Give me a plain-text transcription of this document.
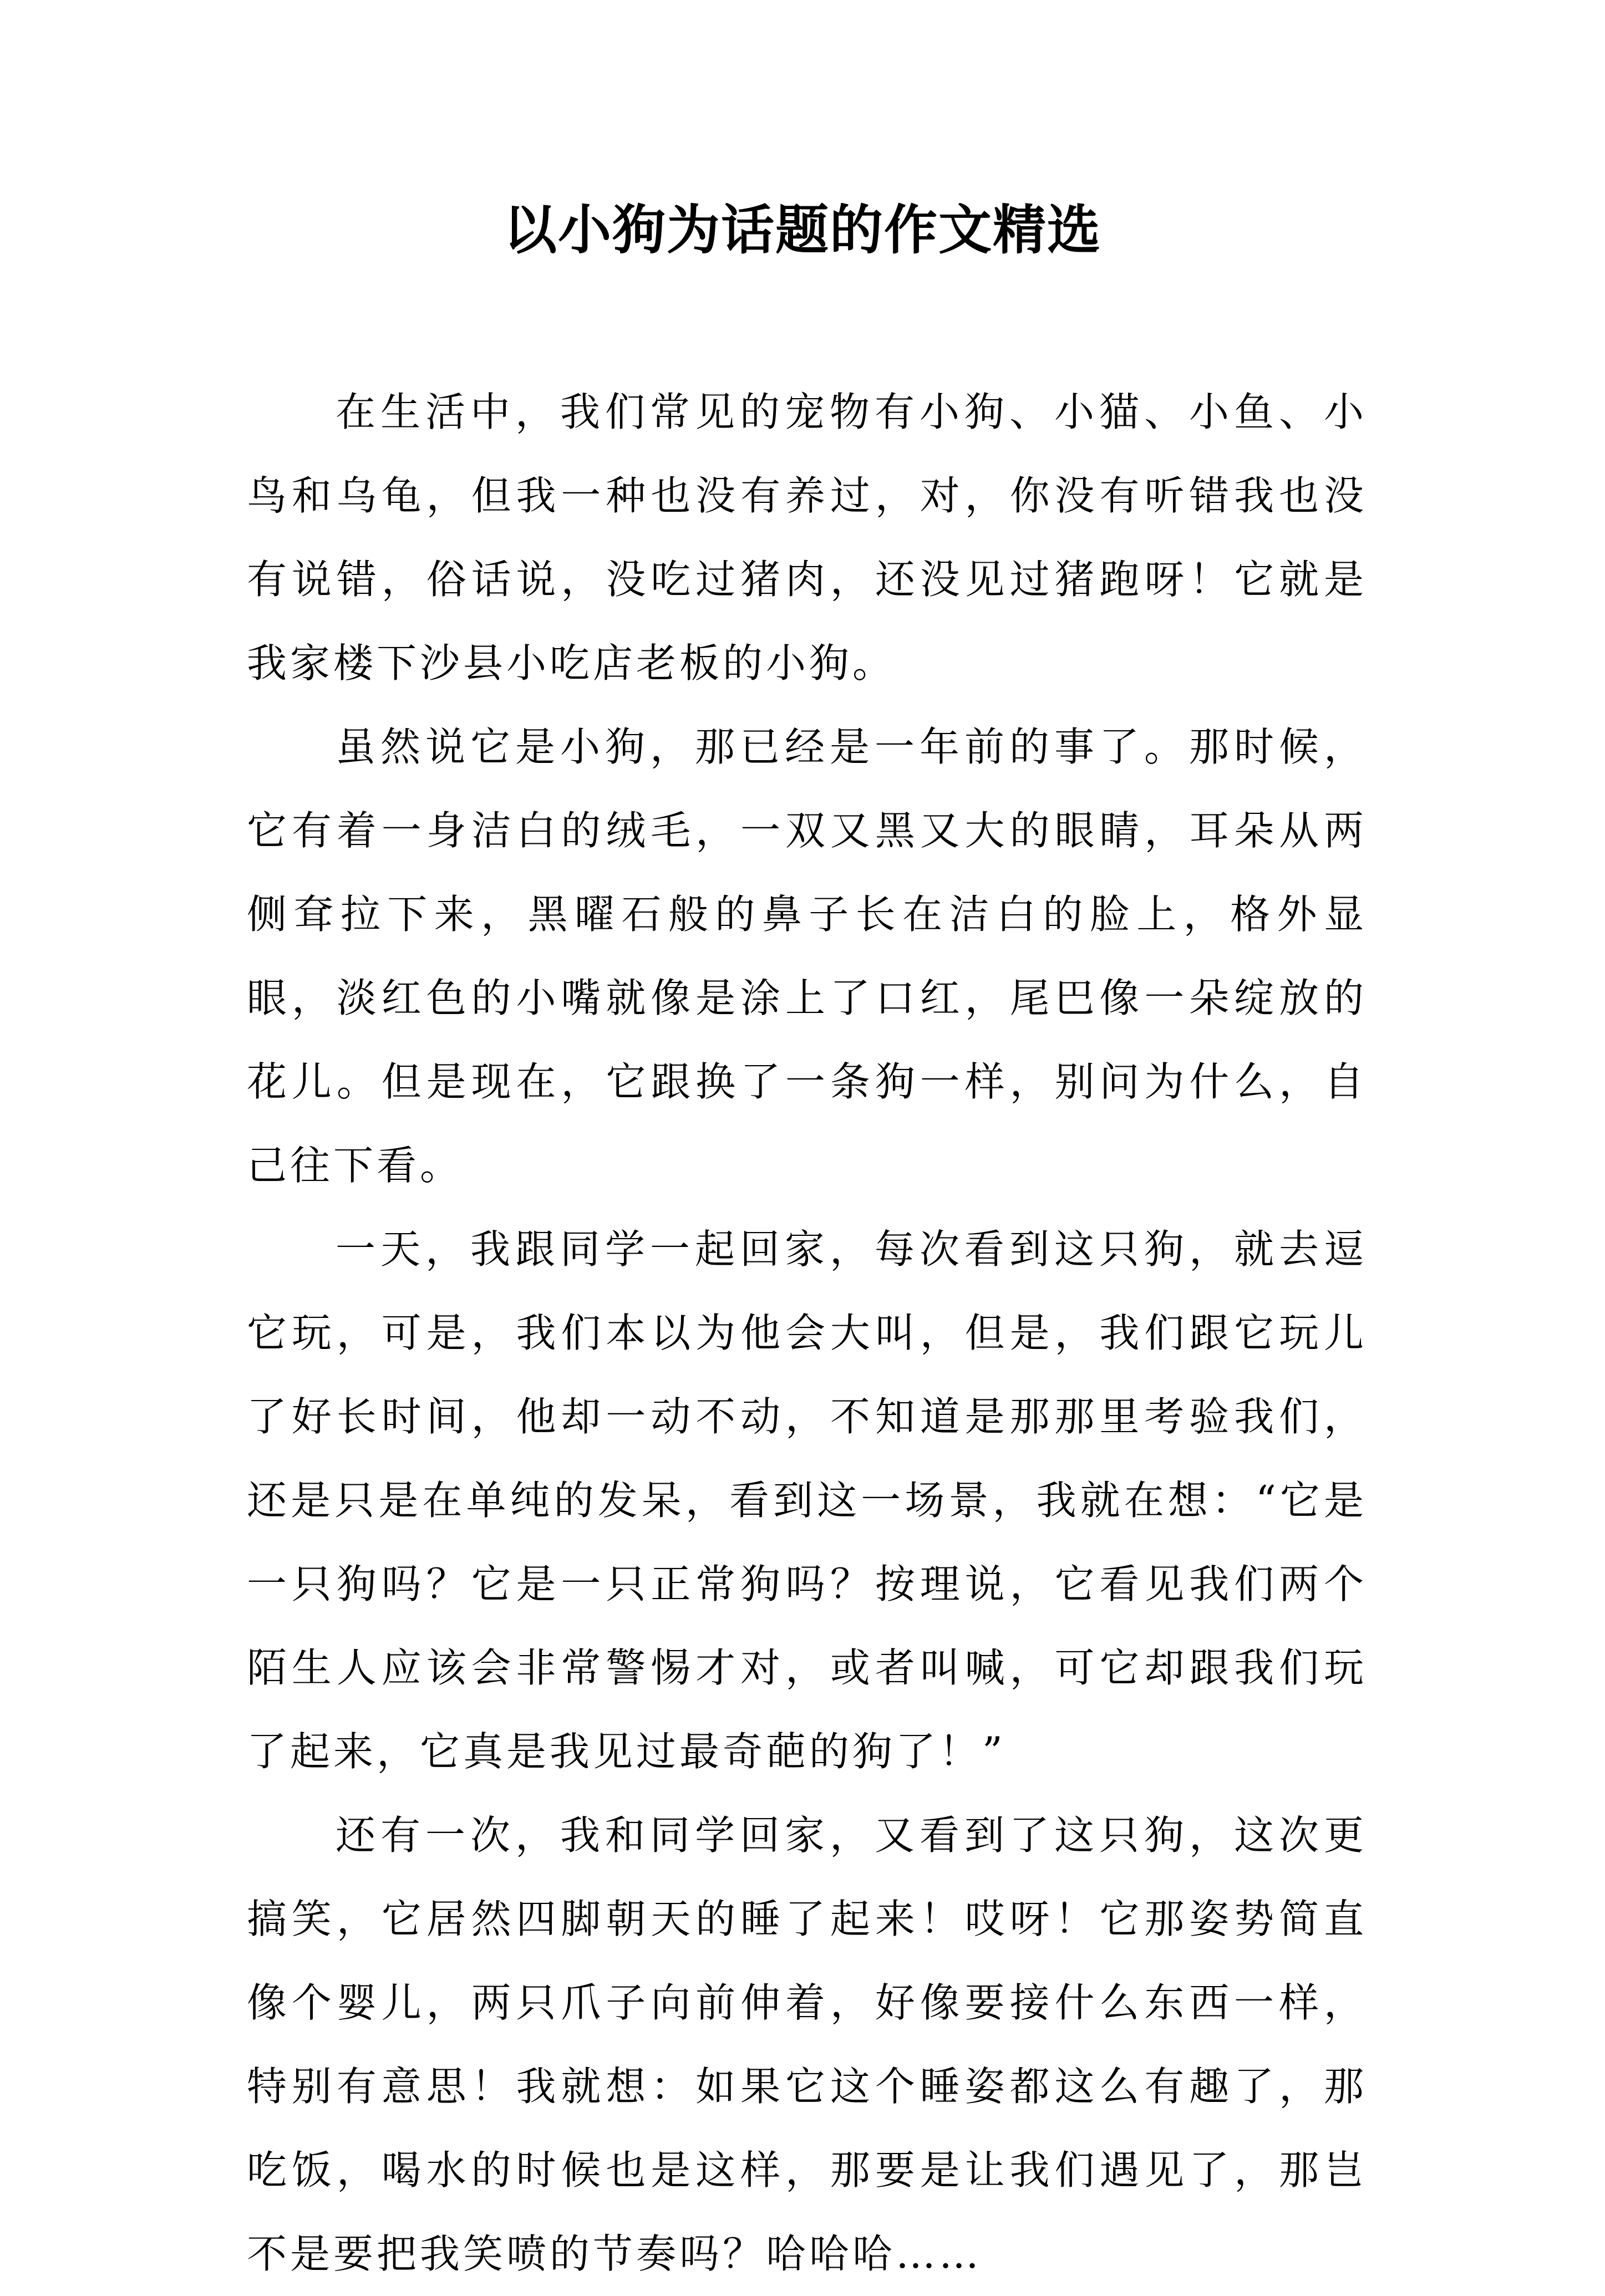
以小狗为话题的作文精选

在生活中，我们常见的宠物有小狗、小猫、小鱼、小鸟和乌龟，但我一种也没有养过，对，你没有听错我也没有说错，俗话说，没吃过猪肉，还没见过猪跑呀！它就是我家楼下沙县小吃店老板的小狗。

虽然说它是小狗，那已经是一年前的事了。那时候，它有着一身洁白的绒毛，一双又黑又大的眼睛，耳朵从两侧耷拉下来，黑曜石般的鼻子长在洁白的脸上，格外显眼，淡红色的小嘴就像是涂上了口红，尾巴像一朵绽放的花儿。但是现在，它跟换了一条狗一样，别问为什么，自己往下看。

一天，我跟同学一起回家，每次看到这只狗，就去逗它玩，可是，我们本以为他会大叫，但是，我们跟它玩儿了好长时间，他却一动不动，不知道是那那里考验我们，还是只是在单纯的发呆，看到这一场景，我就在想：“它是一只狗吗？它是一只正常狗吗？按理说，它看见我们两个陌生人应该会非常警惕才对，或者叫喊，可它却跟我们玩了起来，它真是我见过最奇葩的狗了！”

还有一次，我和同学回家，又看到了这只狗，这次更搞笑，它居然四脚朝天的睡了起来！哎呀！它那姿势简直像个婴儿，两只爪子向前伸着，好像要接什么东西一样，特别有意思！我就想：如果它这个睡姿都这么有趣了，那吃饭，喝水的时候也是这样，那要是让我们遇见了，那岂不是要把我笑喷的节奏吗？哈哈哈……
